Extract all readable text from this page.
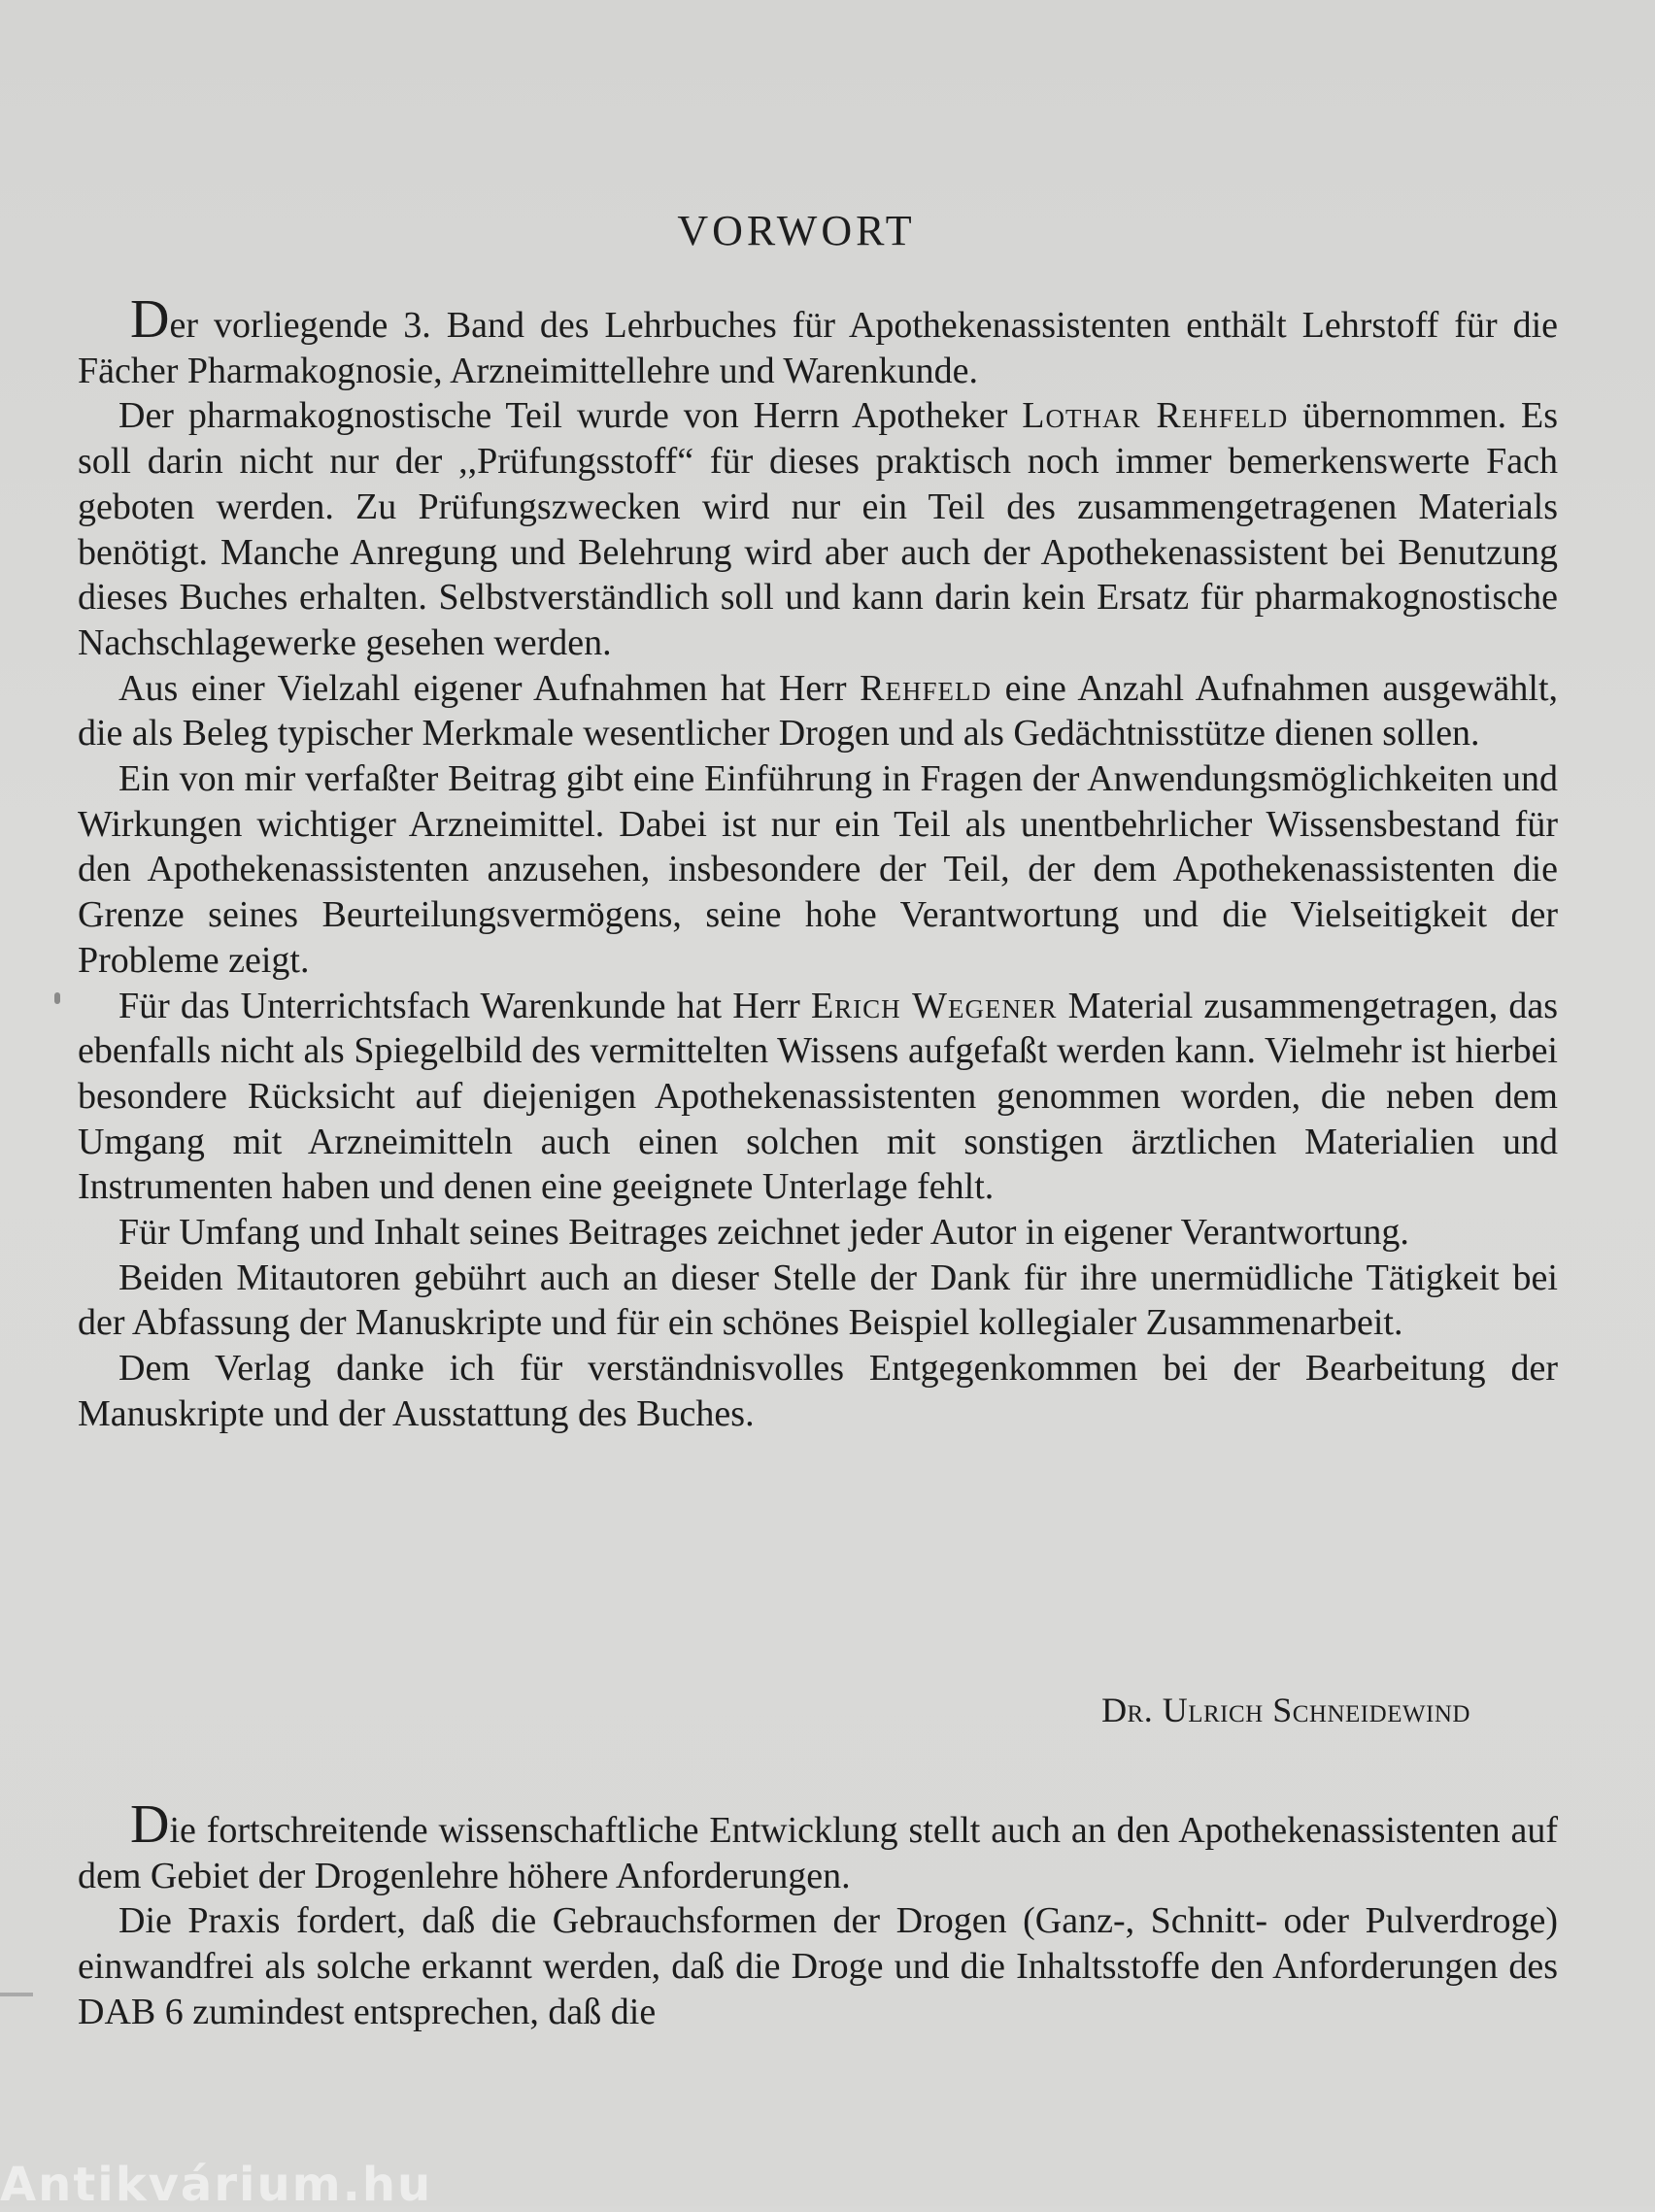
VORWORT

Der vorliegende 3. Band des Lehrbuches für Apothekenassistenten enthält Lehrstoff für die Fächer Pharmakognosie, Arzneimittellehre und Warenkunde.

Der pharmakognostische Teil wurde von Herrn Apotheker Lothar Rehfeld übernommen. Es soll darin nicht nur der ,,Prüfungsstoff“ für dieses praktisch noch immer bemerkenswerte Fach geboten werden. Zu Prüfungszwecken wird nur ein Teil des zusammengetragenen Materials benötigt. Manche Anregung und Belehrung wird aber auch der Apothekenassistent bei Benutzung dieses Buches erhalten. Selbstverständlich soll und kann darin kein Ersatz für pharmakognostische Nachschlagewerke gesehen werden.

Aus einer Vielzahl eigener Aufnahmen hat Herr Rehfeld eine Anzahl Aufnahmen ausgewählt, die als Beleg typischer Merkmale wesentlicher Drogen und als Gedächtnisstütze dienen sollen.

Ein von mir verfaßter Beitrag gibt eine Einführung in Fragen der Anwendungsmöglichkeiten und Wirkungen wichtiger Arzneimittel. Dabei ist nur ein Teil als unentbehrlicher Wissensbestand für den Apothekenassistenten anzusehen, insbesondere der Teil, der dem Apothekenassistenten die Grenze seines Beurteilungsvermögens, seine hohe Verantwortung und die Vielseitigkeit der Probleme zeigt.

Für das Unterrichtsfach Warenkunde hat Herr Erich Wegener Material zusammengetragen, das ebenfalls nicht als Spiegelbild des vermittelten Wissens aufgefaßt werden kann. Vielmehr ist hierbei besondere Rücksicht auf diejenigen Apothekenassistenten genommen worden, die neben dem Umgang mit Arzneimitteln auch einen solchen mit sonstigen ärztlichen Materialien und Instrumenten haben und denen eine geeignete Unterlage fehlt.

Für Umfang und Inhalt seines Beitrages zeichnet jeder Autor in eigener Verantwortung.

Beiden Mitautoren gebührt auch an dieser Stelle der Dank für ihre unermüdliche Tätigkeit bei der Abfassung der Manuskripte und für ein schönes Beispiel kollegialer Zusammenarbeit.

Dem Verlag danke ich für verständnisvolles Entgegenkommen bei der Bearbeitung der Manuskripte und der Ausstattung des Buches.

Dr. Ulrich Schneidewind

Die fortschreitende wissenschaftliche Entwicklung stellt auch an den Apothekenassistenten auf dem Gebiet der Drogenlehre höhere Anforderungen.

Die Praxis fordert, daß die Gebrauchsformen der Drogen (Ganz-, Schnitt- oder Pulverdroge) einwandfrei als solche erkannt werden, daß die Droge und die Inhaltsstoffe den Anforderungen des DAB 6 zumindest entsprechen, daß die

Antikvárium.hu
